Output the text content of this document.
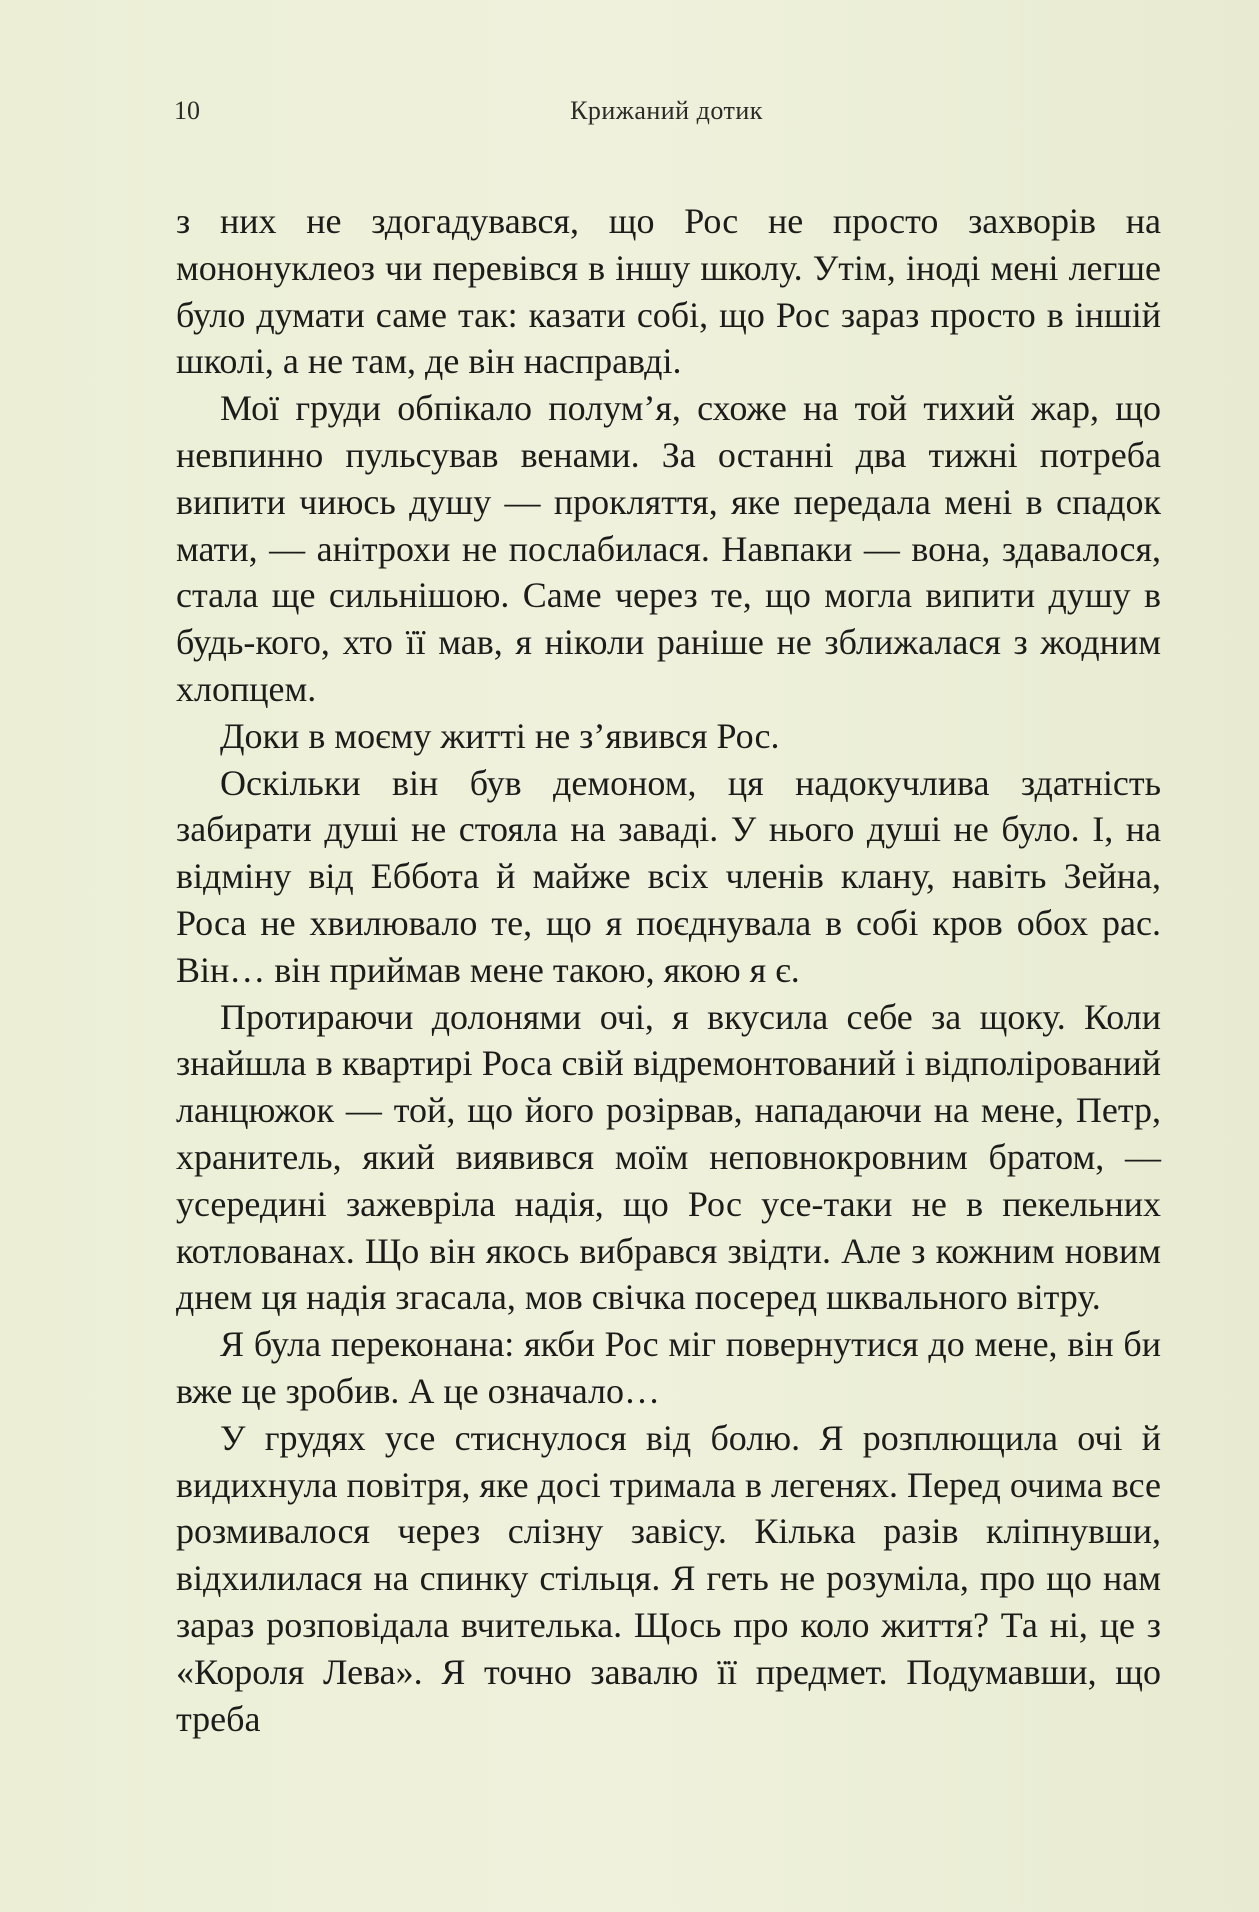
10	Крижаний дотик

з них не здогадувався, що Рос не просто захворів на мононуклеоз чи перевівся в іншу школу. Утім, іноді мені легше було думати саме так: казати собі, що Рос зараз просто в іншій школі, а не там, де він насправді.

Мої груди обпікало полум’я, схоже на той тихий жар, що невпинно пульсував венами. За останні два тижні потреба випити чиюсь душу — прокляття, яке передала мені в спадок мати, — анітрохи не послабилася. Навпаки — вона, здавалося, стала ще сильнішою. Саме через те, що могла випити душу в будь-кого, хто її мав, я ніколи раніше не зближалася з жодним хлопцем.

Доки в моєму житті не з’явився Рос.

Оскільки він був демоном, ця надокучлива здатність забирати душі не стояла на заваді. У нього душі не було. І, на відміну від Еббота й майже всіх членів клану, навіть Зейна, Роса не хвилювало те, що я поєднувала в собі кров обох рас. Він… він приймав мене такою, якою я є.

Протираючи долонями очі, я вкусила себе за щоку. Коли знайшла в квартирі Роса свій відремонтований і відполірований ланцюжок — той, що його розірвав, нападаючи на мене, Петр, хранитель, який виявився моїм неповнокровним братом, — усередині зажевріла надія, що Рос усе-таки не в пекельних котлованах. Що він якось вибрався звідти. Але з кожним новим днем ця надія згасала, мов свічка посеред шквального вітру.

Я була переконана: якби Рос міг повернутися до мене, він би вже це зробив. А це означало…

У грудях усе стиснулося від болю. Я розплющила очі й видихнула повітря, яке досі тримала в легенях. Перед очима все розмивалося через слізну завісу. Кілька разів кліпнувши, відхилилася на спинку стільця. Я геть не розуміла, про що нам зараз розповідала вчителька. Щось про коло життя? Та ні, це з «Короля Лева». Я точно завалю її предмет. Подумавши, що треба
